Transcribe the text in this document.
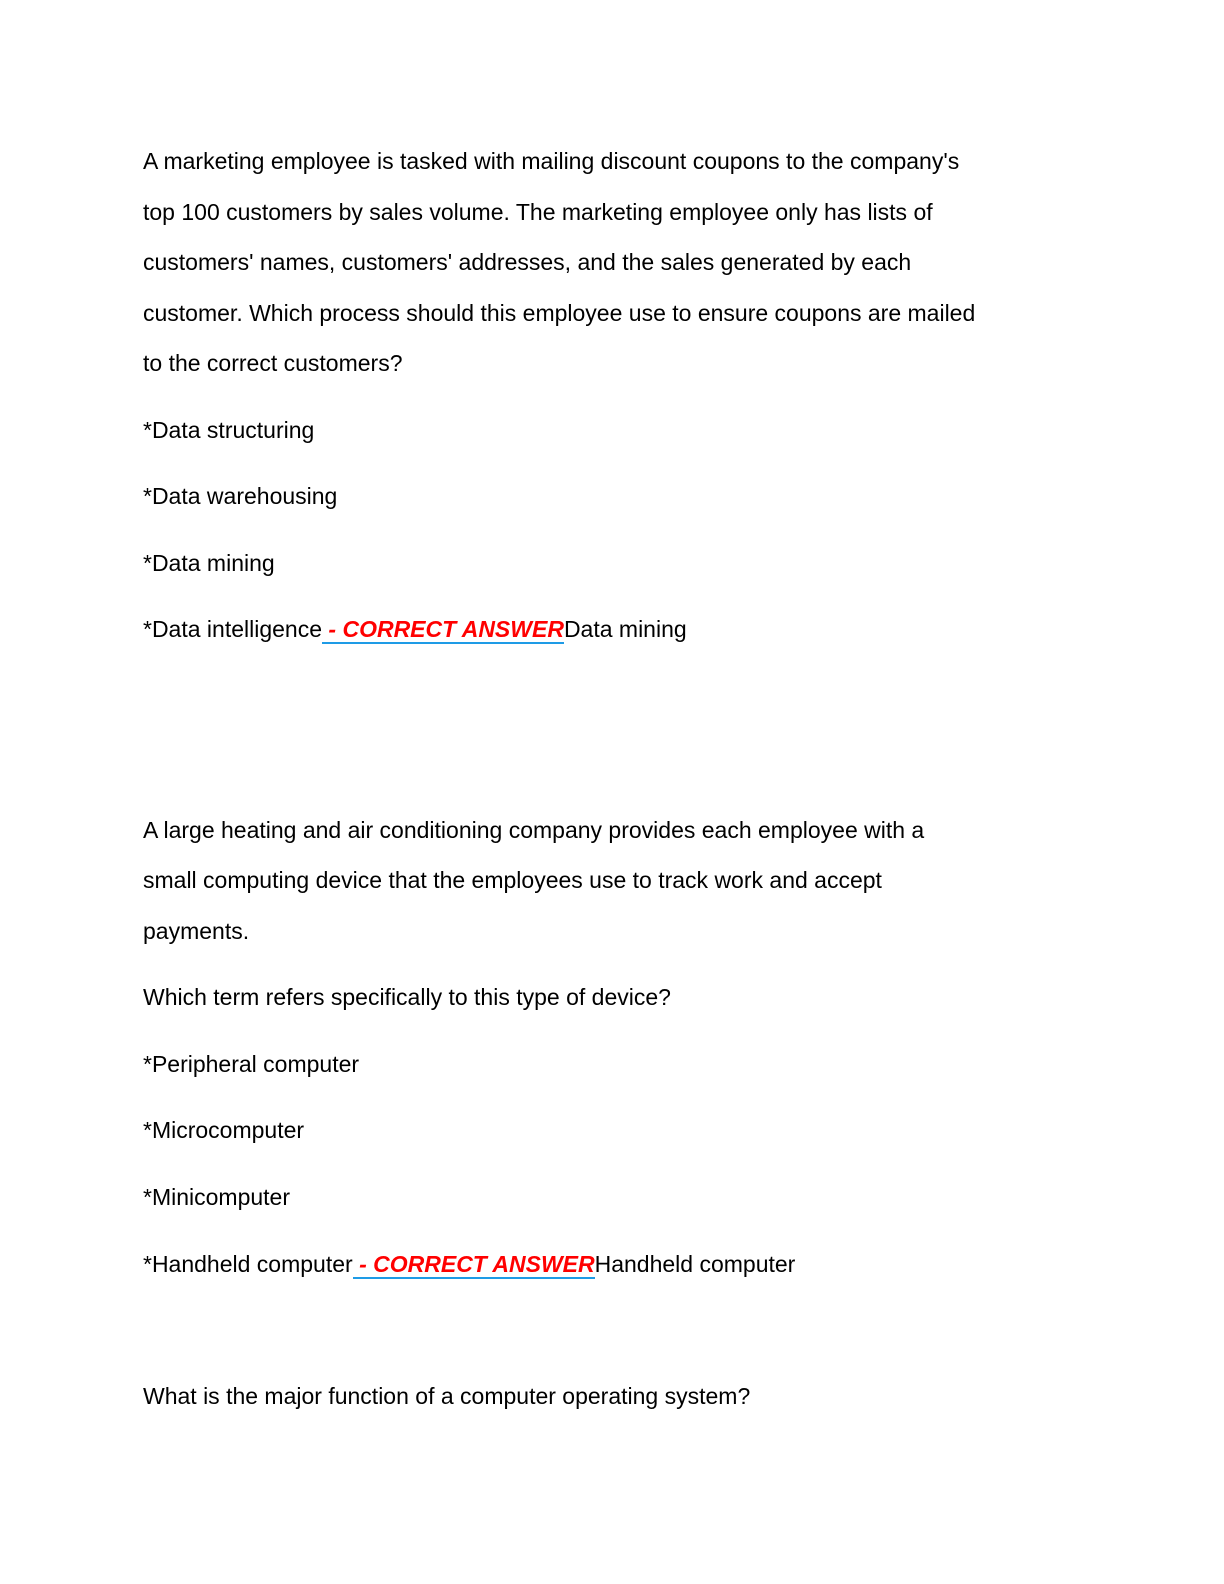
A marketing employee is tasked with mailing discount coupons to the company's
top 100 customers by sales volume. The marketing employee only has lists of
customers' names, customers' addresses, and the sales generated by each
customer. Which process should this employee use to ensure coupons are mailed
to the correct customers?
*Data structuring
*Data warehousing
*Data mining
*Data intelligence - CORRECT ANSWERData mining
A large heating and air conditioning company provides each employee with a
small computing device that the employees use to track work and accept
payments.
Which term refers specifically to this type of device?
*Peripheral computer
*Microcomputer
*Minicomputer
*Handheld computer - CORRECT ANSWERHandheld computer
What is the major function of a computer operating system?
